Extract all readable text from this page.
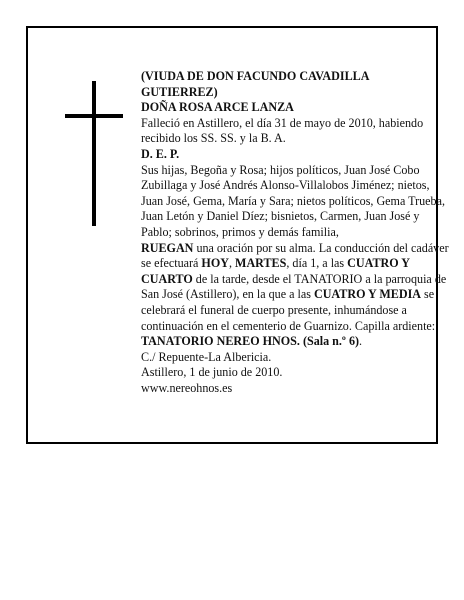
(VIUDA DE DON FACUNDO CAVADILLA

GUTIERREZ)

DOÑA ROSA ARCE LANZA

Falleció en Astillero, el día 31 de mayo de 2010, habiendo recibido los SS. SS. y la B. A.

D. E. P.

Sus hijas, Begoña y Rosa; hijos políticos, Juan José Cobo Zubillaga y José Andrés Alonso-Villalobos Jiménez; nietos, Juan José, Gema, María y Sara; nietos políticos, Gema Trueba, Juan Letón y Daniel Díez; bisnietos, Carmen, Juan José y Pablo; sobrinos, primos y demás familia,

RUEGAN una oración por su alma. La conducción del cadáver se efectuará HOY, MARTES, día 1, a las CUATRO Y CUARTO de la tarde, desde el TANATORIO a la parroquia de San José (Astillero), en la que a las CUATRO Y MEDIA se celebrará el funeral de cuerpo presente, inhumándose a continuación en el cementerio de Guarnizo. Capilla ardiente: TANATORIO NEREO HNOS. (Sala n.º 6).

C./ Repuente-La Albericia.

Astillero, 1 de junio de 2010.

www.nereohnos.es
